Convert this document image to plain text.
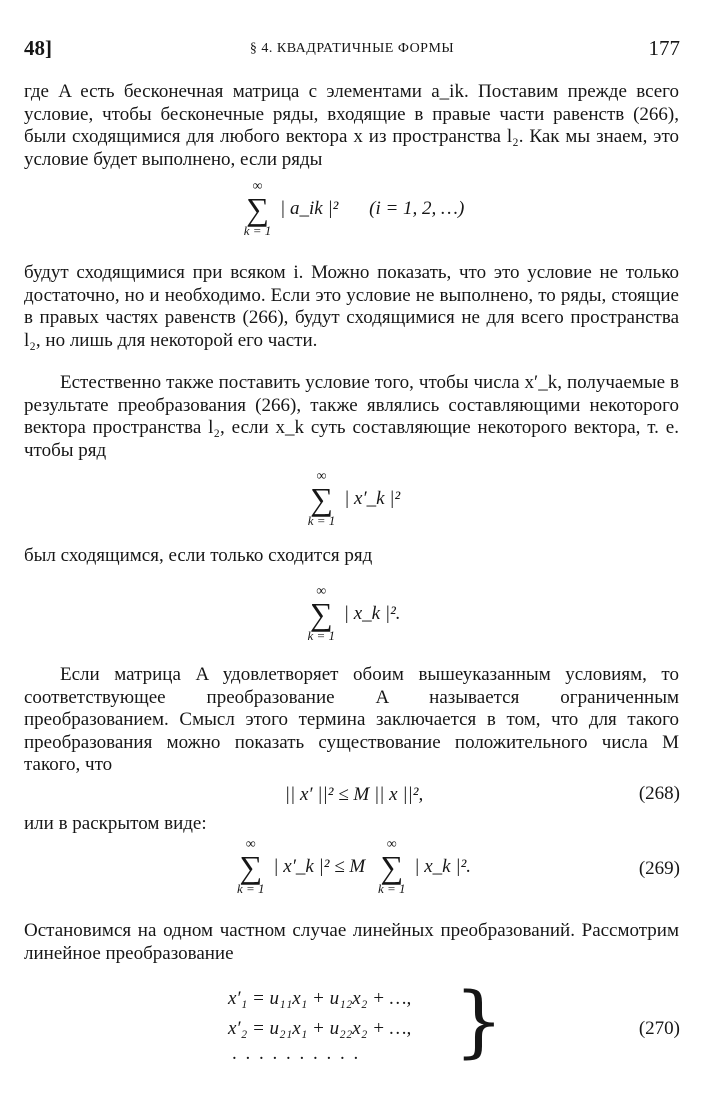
48]	§ 4. КВАДРАТИЧНЫЕ ФОРМЫ	177

где A есть бесконечная матрица с элементами a_ik. Поставим прежде всего условие, чтобы бесконечные ряды, входящие в правые части равенств (266), были сходящимися для любого вектора x из пространства l₂. Как мы знаем, это условие будет выполнено, если ряды

∞
∑
k = 1
| a_ik |² (i = 1, 2, …)

будут сходящимися при всяком i. Можно показать, что это условие не только достаточно, но и необходимо. Если это условие не выполнено, то ряды, стоящие в правых частях равенств (266), будут сходящимися не для всего пространства l₂, но лишь для некоторой его части.

Естественно также поставить условие того, чтобы числа x′_k, получаемые в результате преобразования (266), также являлись составляющими некоторого вектора пространства l₂, если x_k суть составляющие некоторого вектора, т. е. чтобы ряд

∞
∑
k = 1
| x′_k |²

был сходящимся, если только сходится ряд

∞
∑
k = 1
| x_k |².

Если матрица A удовлетворяет обоим вышеуказанным условиям, то соответствующее преобразование A называется ограниченным преобразованием. Смысл этого термина заключается в том, что для такого преобразования можно показать существование положительного числа M такого, что

|| x′ ||² ≤ M || x ||²,	(268)

или в раскрытом виде:

∞
∑
k = 1
| x′_k |² ≤ M
∞
∑
k = 1
| x_k |².	(269)

Остановимся на одном частном случае линейных преобразований. Рассмотрим линейное преобразование

x′₁ = u₁₁x₁ + u₁₂x₂ + …,
x′₂ = u₂₁x₁ + u₂₂x₂ + …,
. . . . . . . . . . }	(270)
